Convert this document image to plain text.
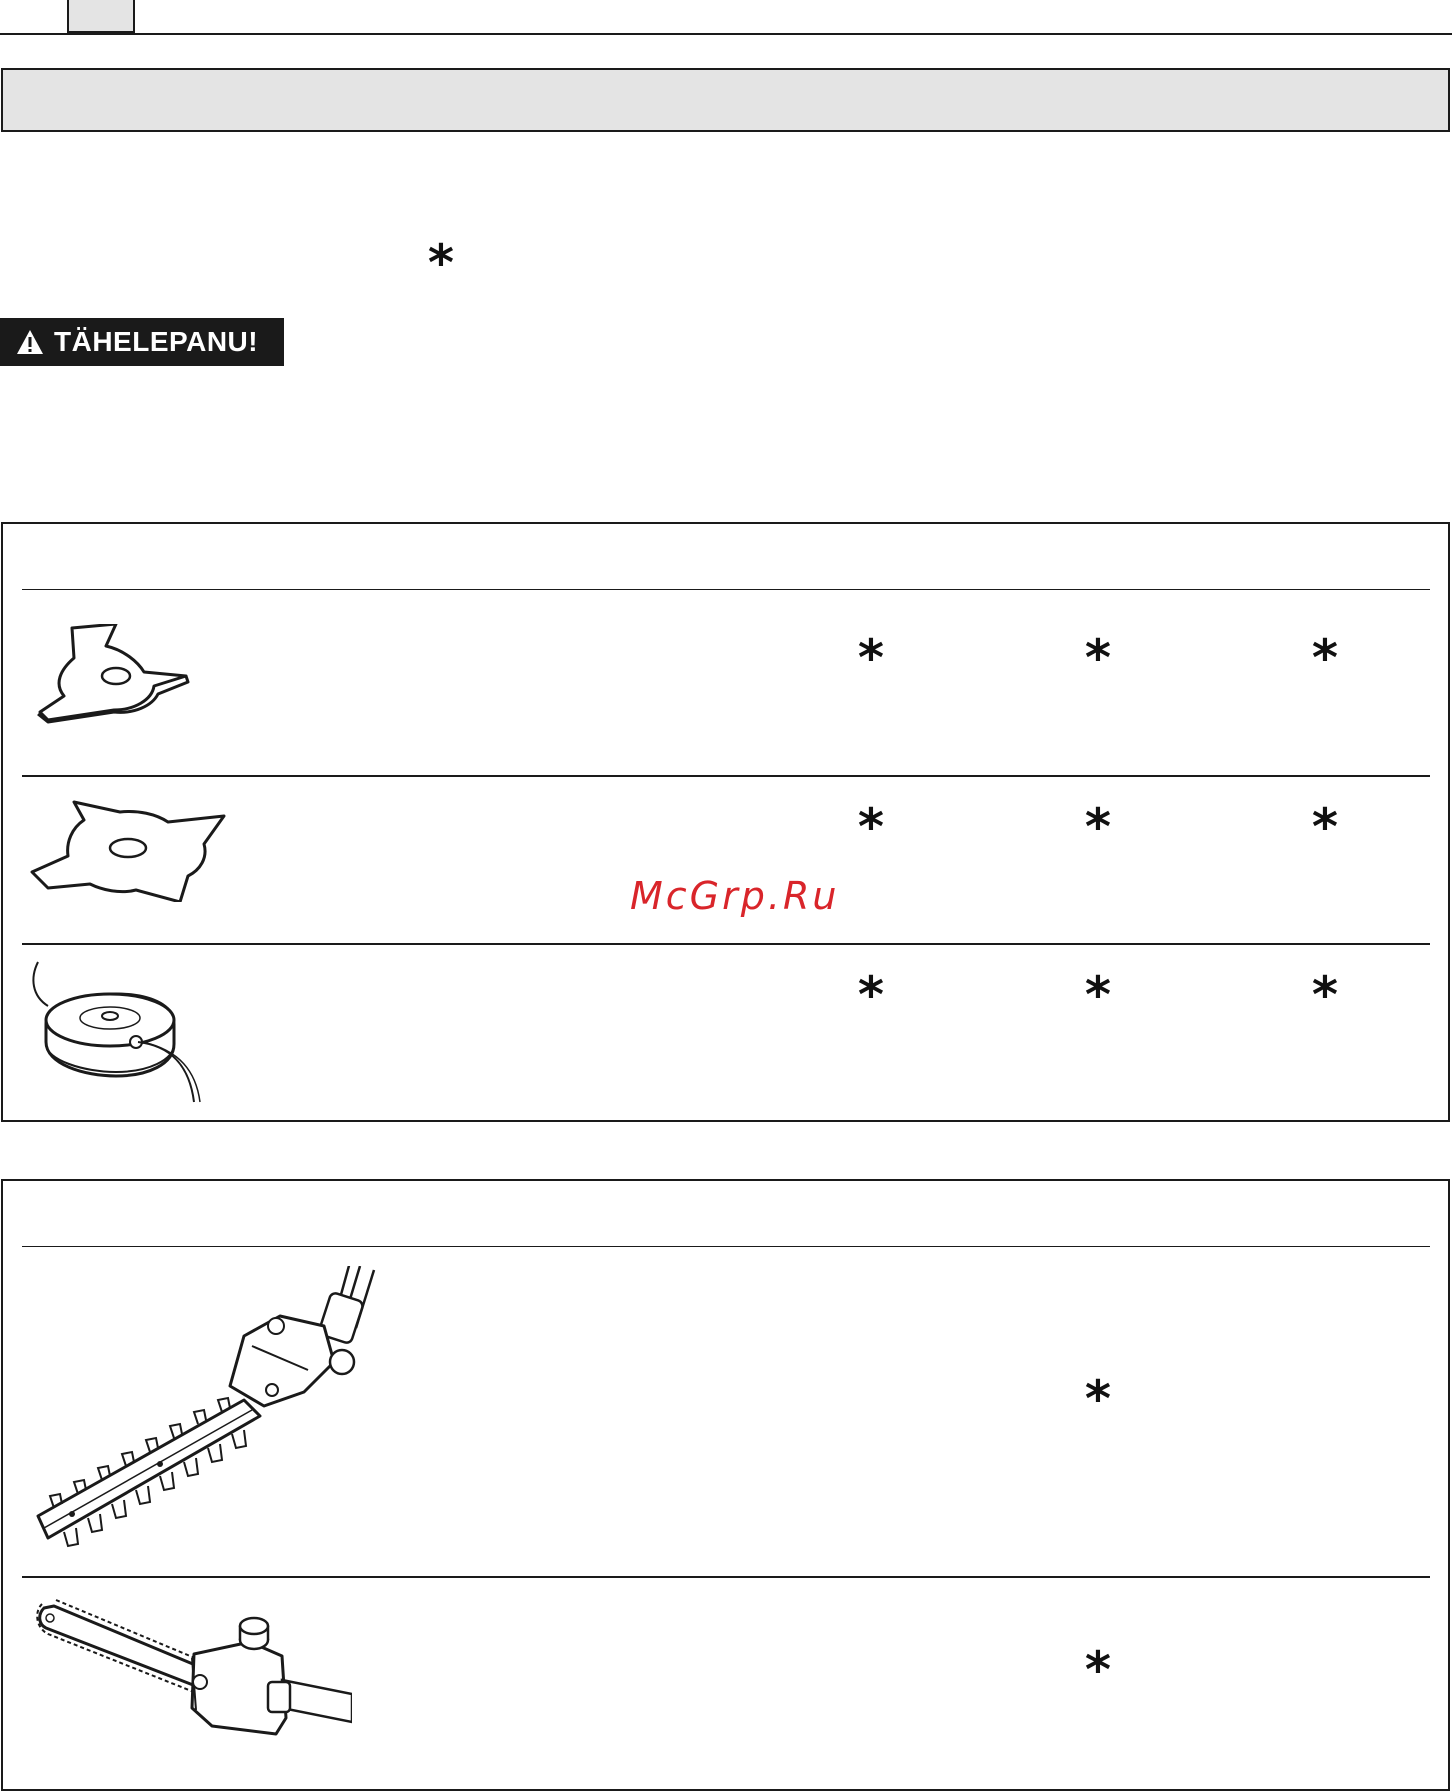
*
TÄHELEPANU!
*	*	*
*	*	*
*	*	*
McGrp.Ru
*
*
